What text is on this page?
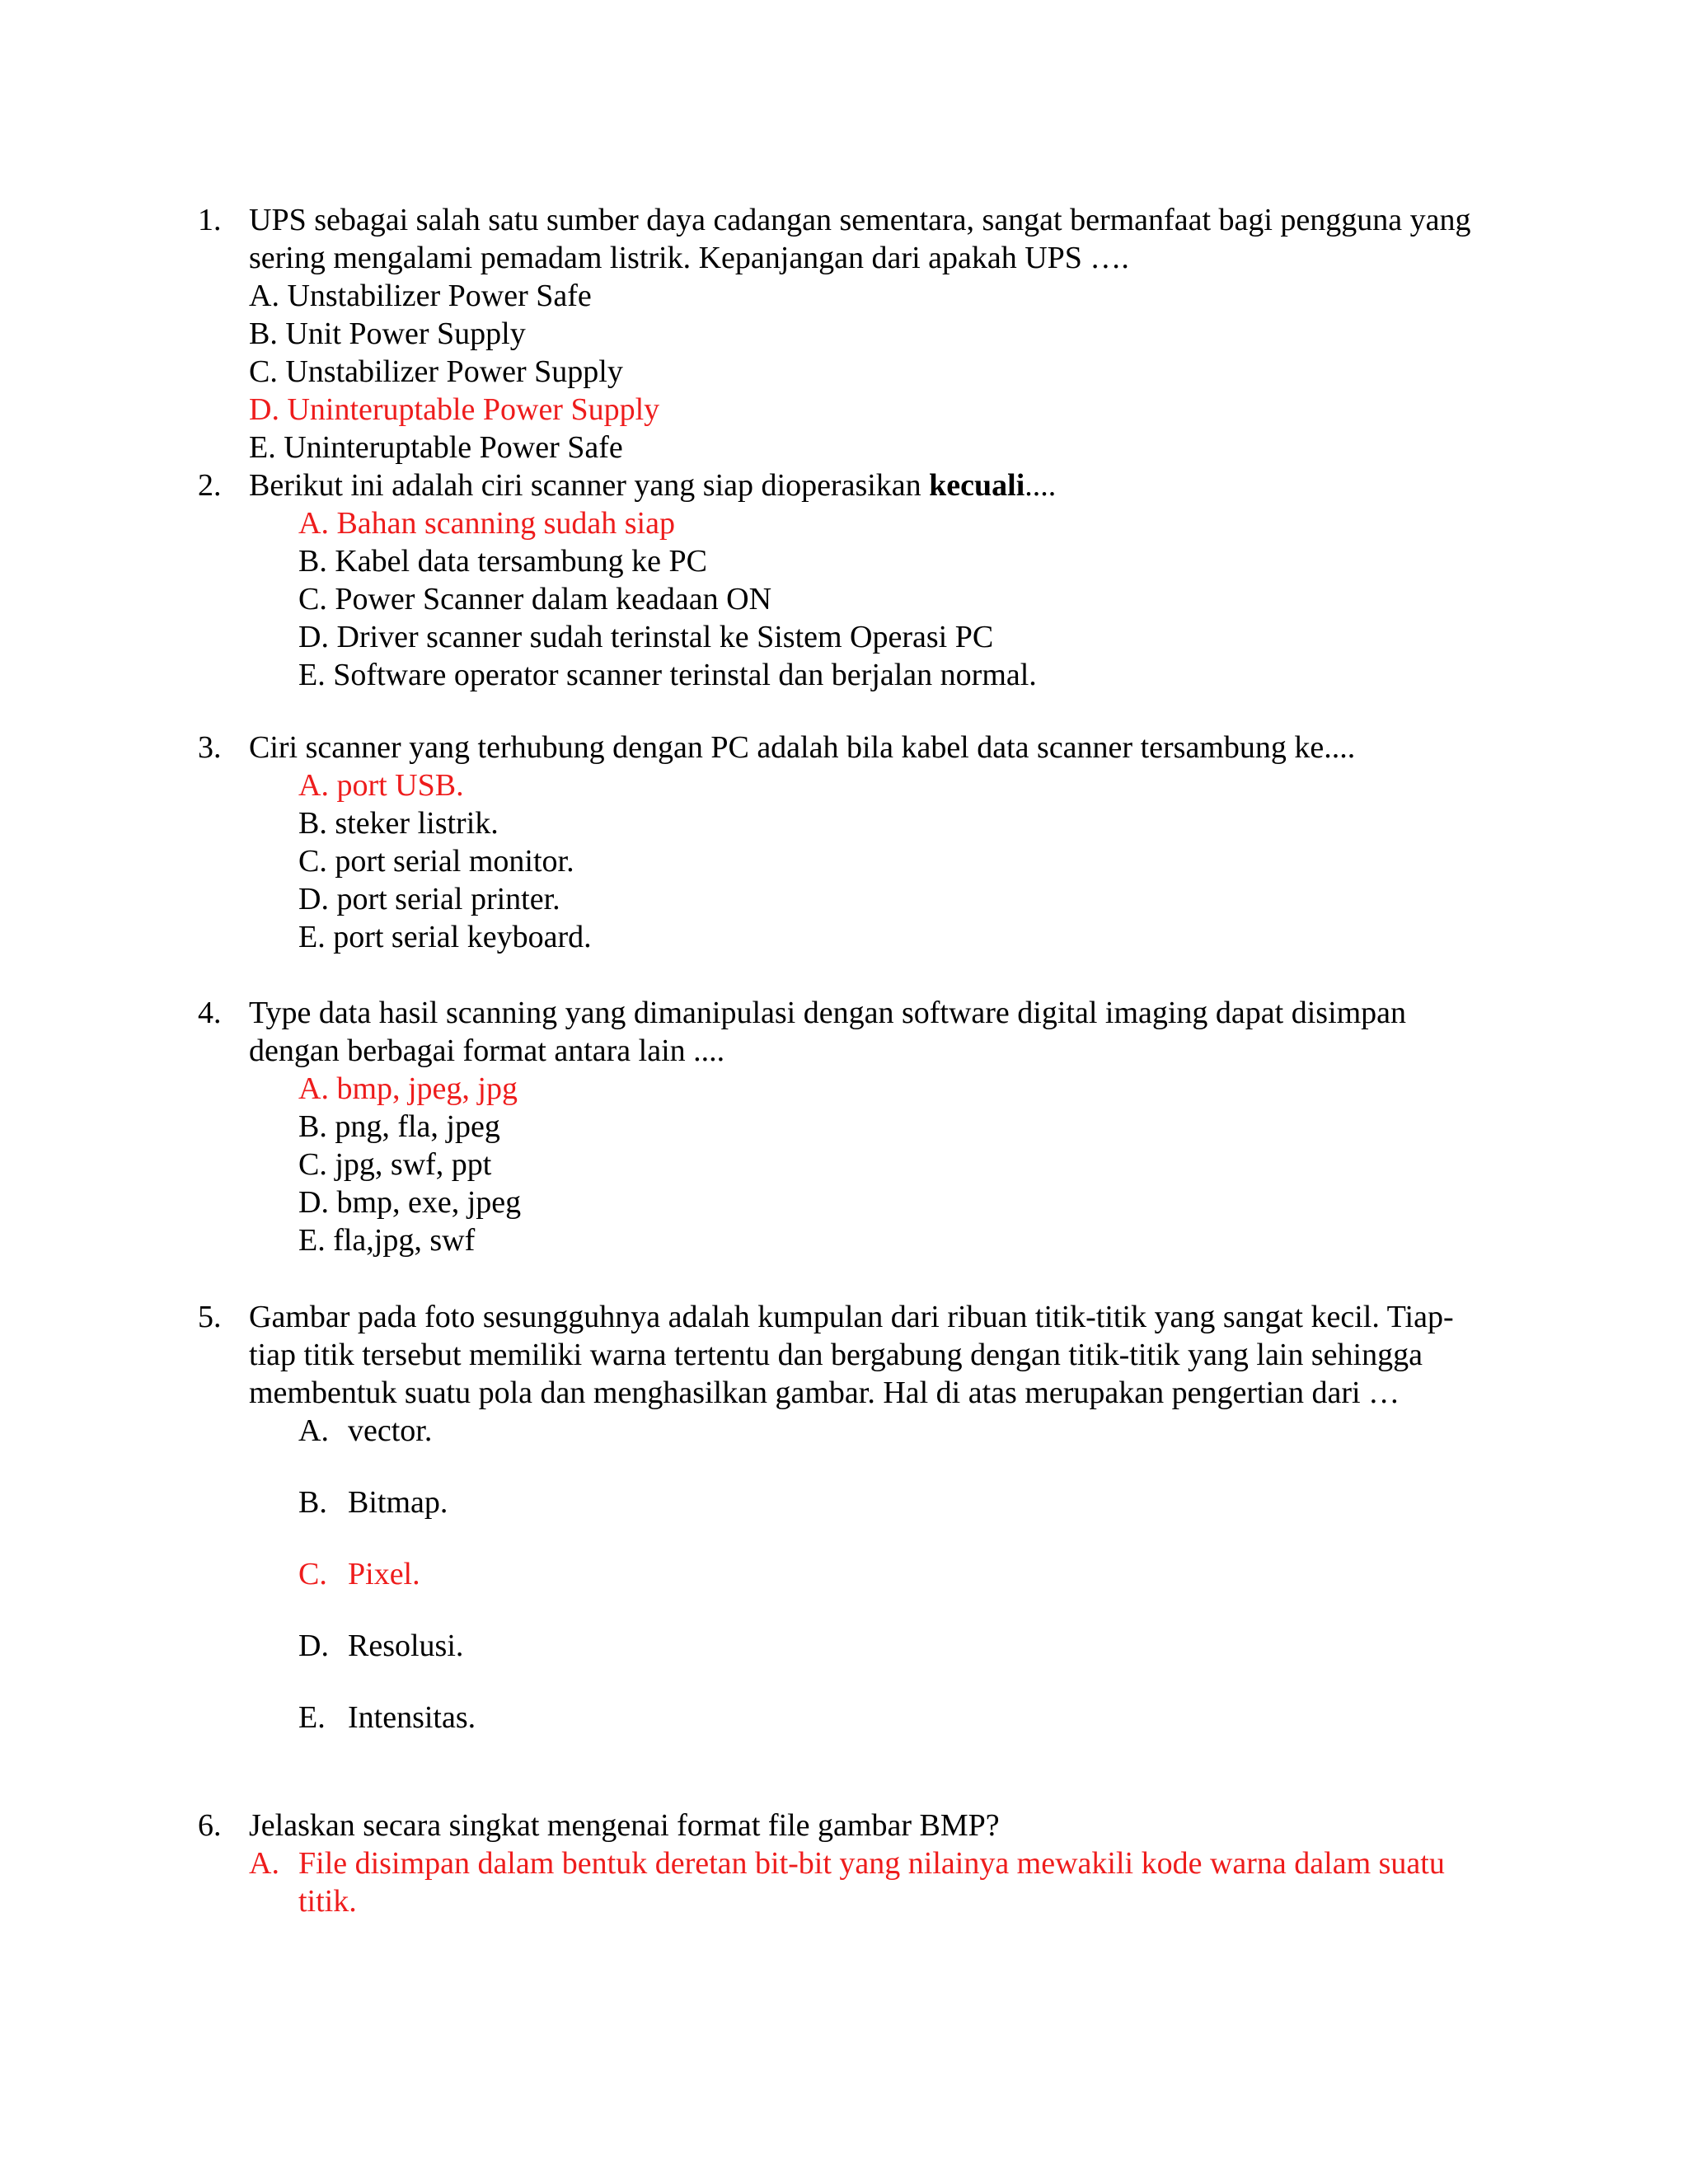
1. UPS sebagai salah satu sumber daya cadangan sementara, sangat bermanfaat bagi pengguna yang sering mengalami pemadam listrik. Kepanjangan dari apakah UPS ….
A. Unstabilizer Power Safe
B. Unit Power Supply
C. Unstabilizer Power Supply
D. Uninteruptable Power Supply
E. Uninteruptable Power Safe
2. Berikut ini adalah ciri scanner yang siap dioperasikan kecuali....
A. Bahan scanning sudah siap
B. Kabel data tersambung ke PC
C. Power Scanner dalam keadaan ON
D. Driver scanner sudah terinstal ke Sistem Operasi PC
E. Software operator scanner terinstal dan berjalan normal.
3. Ciri scanner yang terhubung dengan PC adalah bila kabel data scanner tersambung ke....
A. port USB.
B. steker listrik.
C. port serial monitor.
D. port serial printer.
E. port serial keyboard.
4. Type data hasil scanning yang dimanipulasi dengan software digital imaging dapat disimpan dengan berbagai format antara lain ....
A. bmp, jpeg, jpg
B. png, fla, jpeg
C. jpg, swf, ppt
D. bmp, exe, jpeg
E. fla,jpg, swf
5. Gambar pada foto sesungguhnya adalah kumpulan dari ribuan titik-titik yang sangat kecil. Tiap-tiap titik tersebut memiliki warna tertentu dan bergabung dengan titik-titik yang lain sehingga membentuk suatu pola dan menghasilkan gambar. Hal di atas merupakan pengertian dari …
A. vector.
B. Bitmap.
C. Pixel.
D. Resolusi.
E. Intensitas.
6. Jelaskan secara singkat mengenai format file gambar BMP?
A. File disimpan dalam bentuk deretan bit-bit yang nilainya mewakili kode warna dalam suatu titik.
